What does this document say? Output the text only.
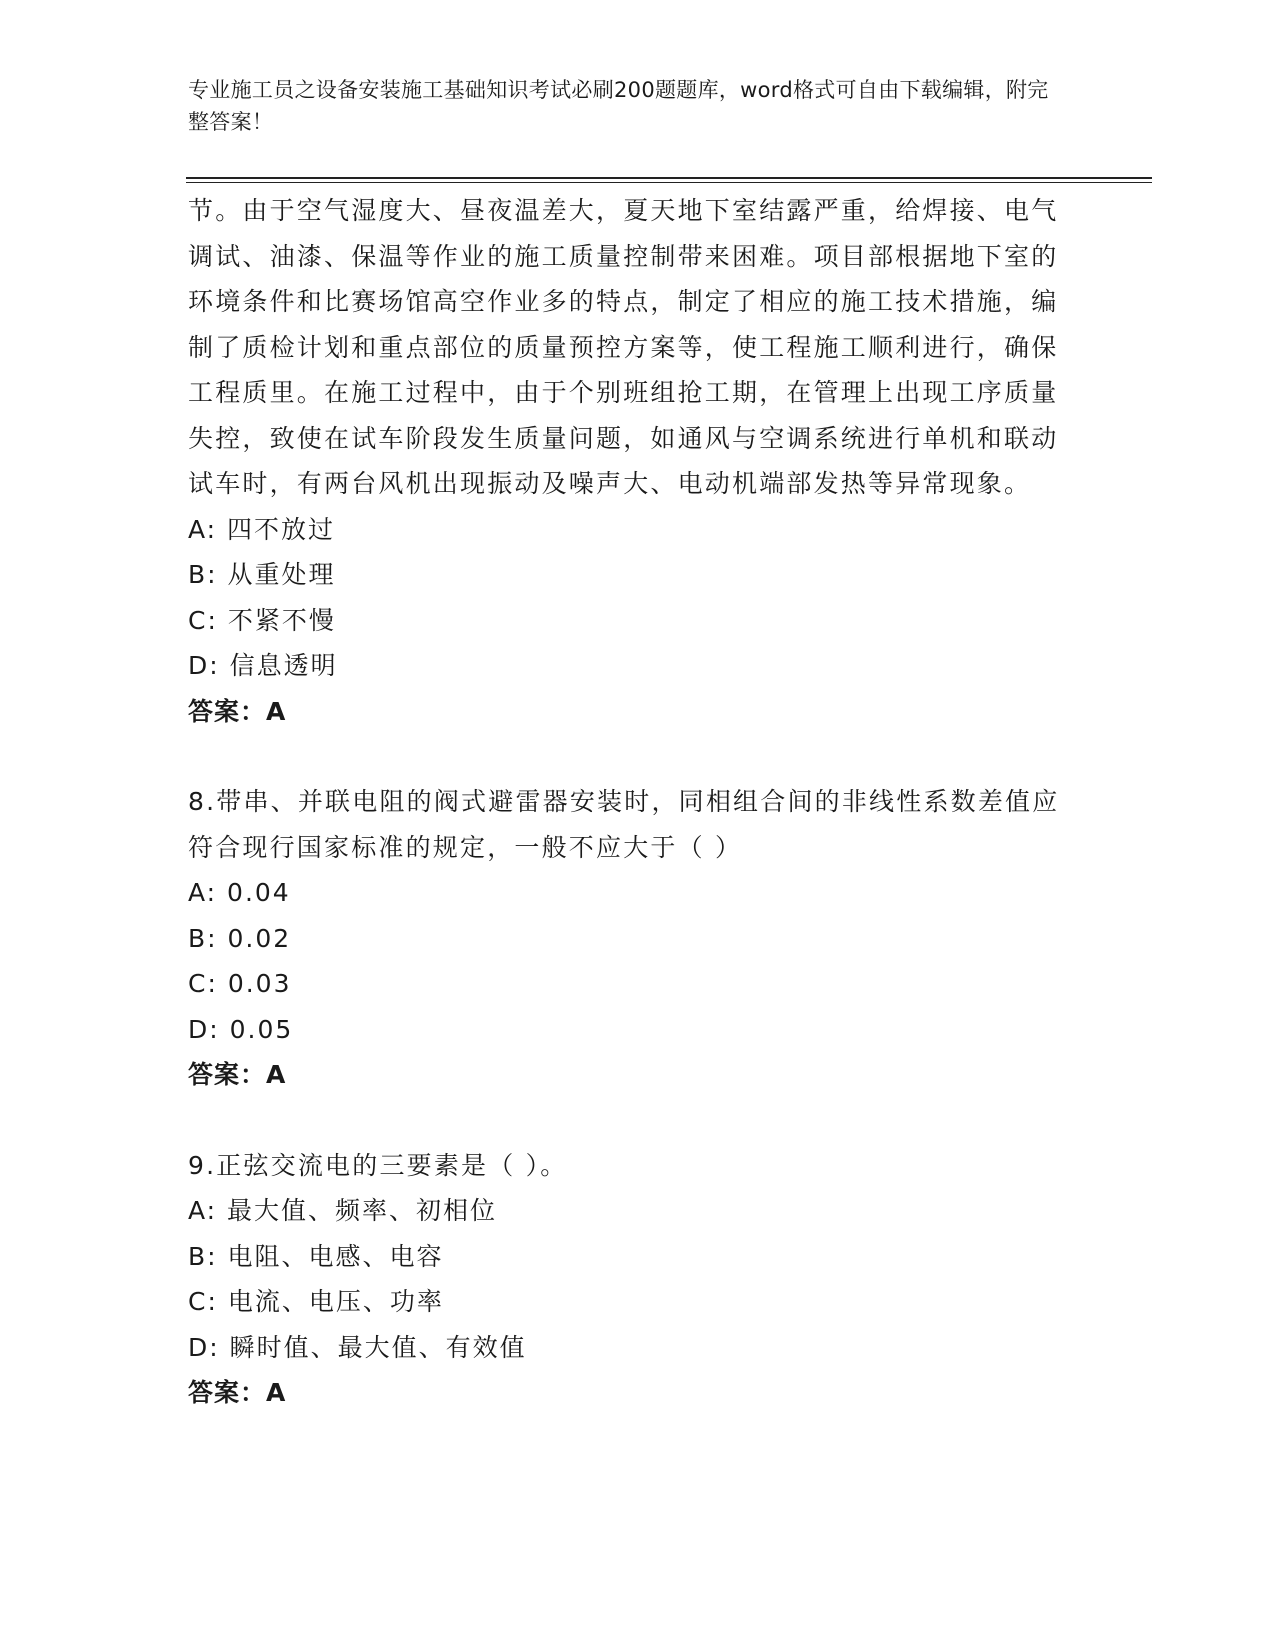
专业施工员之设备安装施工基础知识考试必刷200题题库，word格式可自由下载编辑，附完整答案！

节。由于空气湿度大、昼夜温差大，夏天地下室结露严重，给焊接、电气调试、油漆、保温等作业的施工质量控制带来困难。项目部根据地下室的环境条件和比赛场馆高空作业多的特点，制定了相应的施工技术措施，编制了质检计划和重点部位的质量预控方案等，使工程施工顺利进行，确保工程质里。在施工过程中，由于个别班组抢工期，在管理上出现工序质量失控，致使在试车阶段发生质量问题，如通风与空调系统进行单机和联动试车时，有两台风机出现振动及噪声大、电动机端部发热等异常现象。

A: 四不放过

B: 从重处理

C: 不紧不慢

D: 信息透明

答案：A

8.带串、并联电阻的阀式避雷器安装时，同相组合间的非线性系数差值应符合现行国家标准的规定，一般不应大于（ ）

A: 0.04

B: 0.02

C: 0.03

D: 0.05

答案：A

9.正弦交流电的三要素是（ ）。

A: 最大值、频率、初相位

B: 电阻、电感、电容

C: 电流、电压、功率

D: 瞬时值、最大值、有效值

答案：A
